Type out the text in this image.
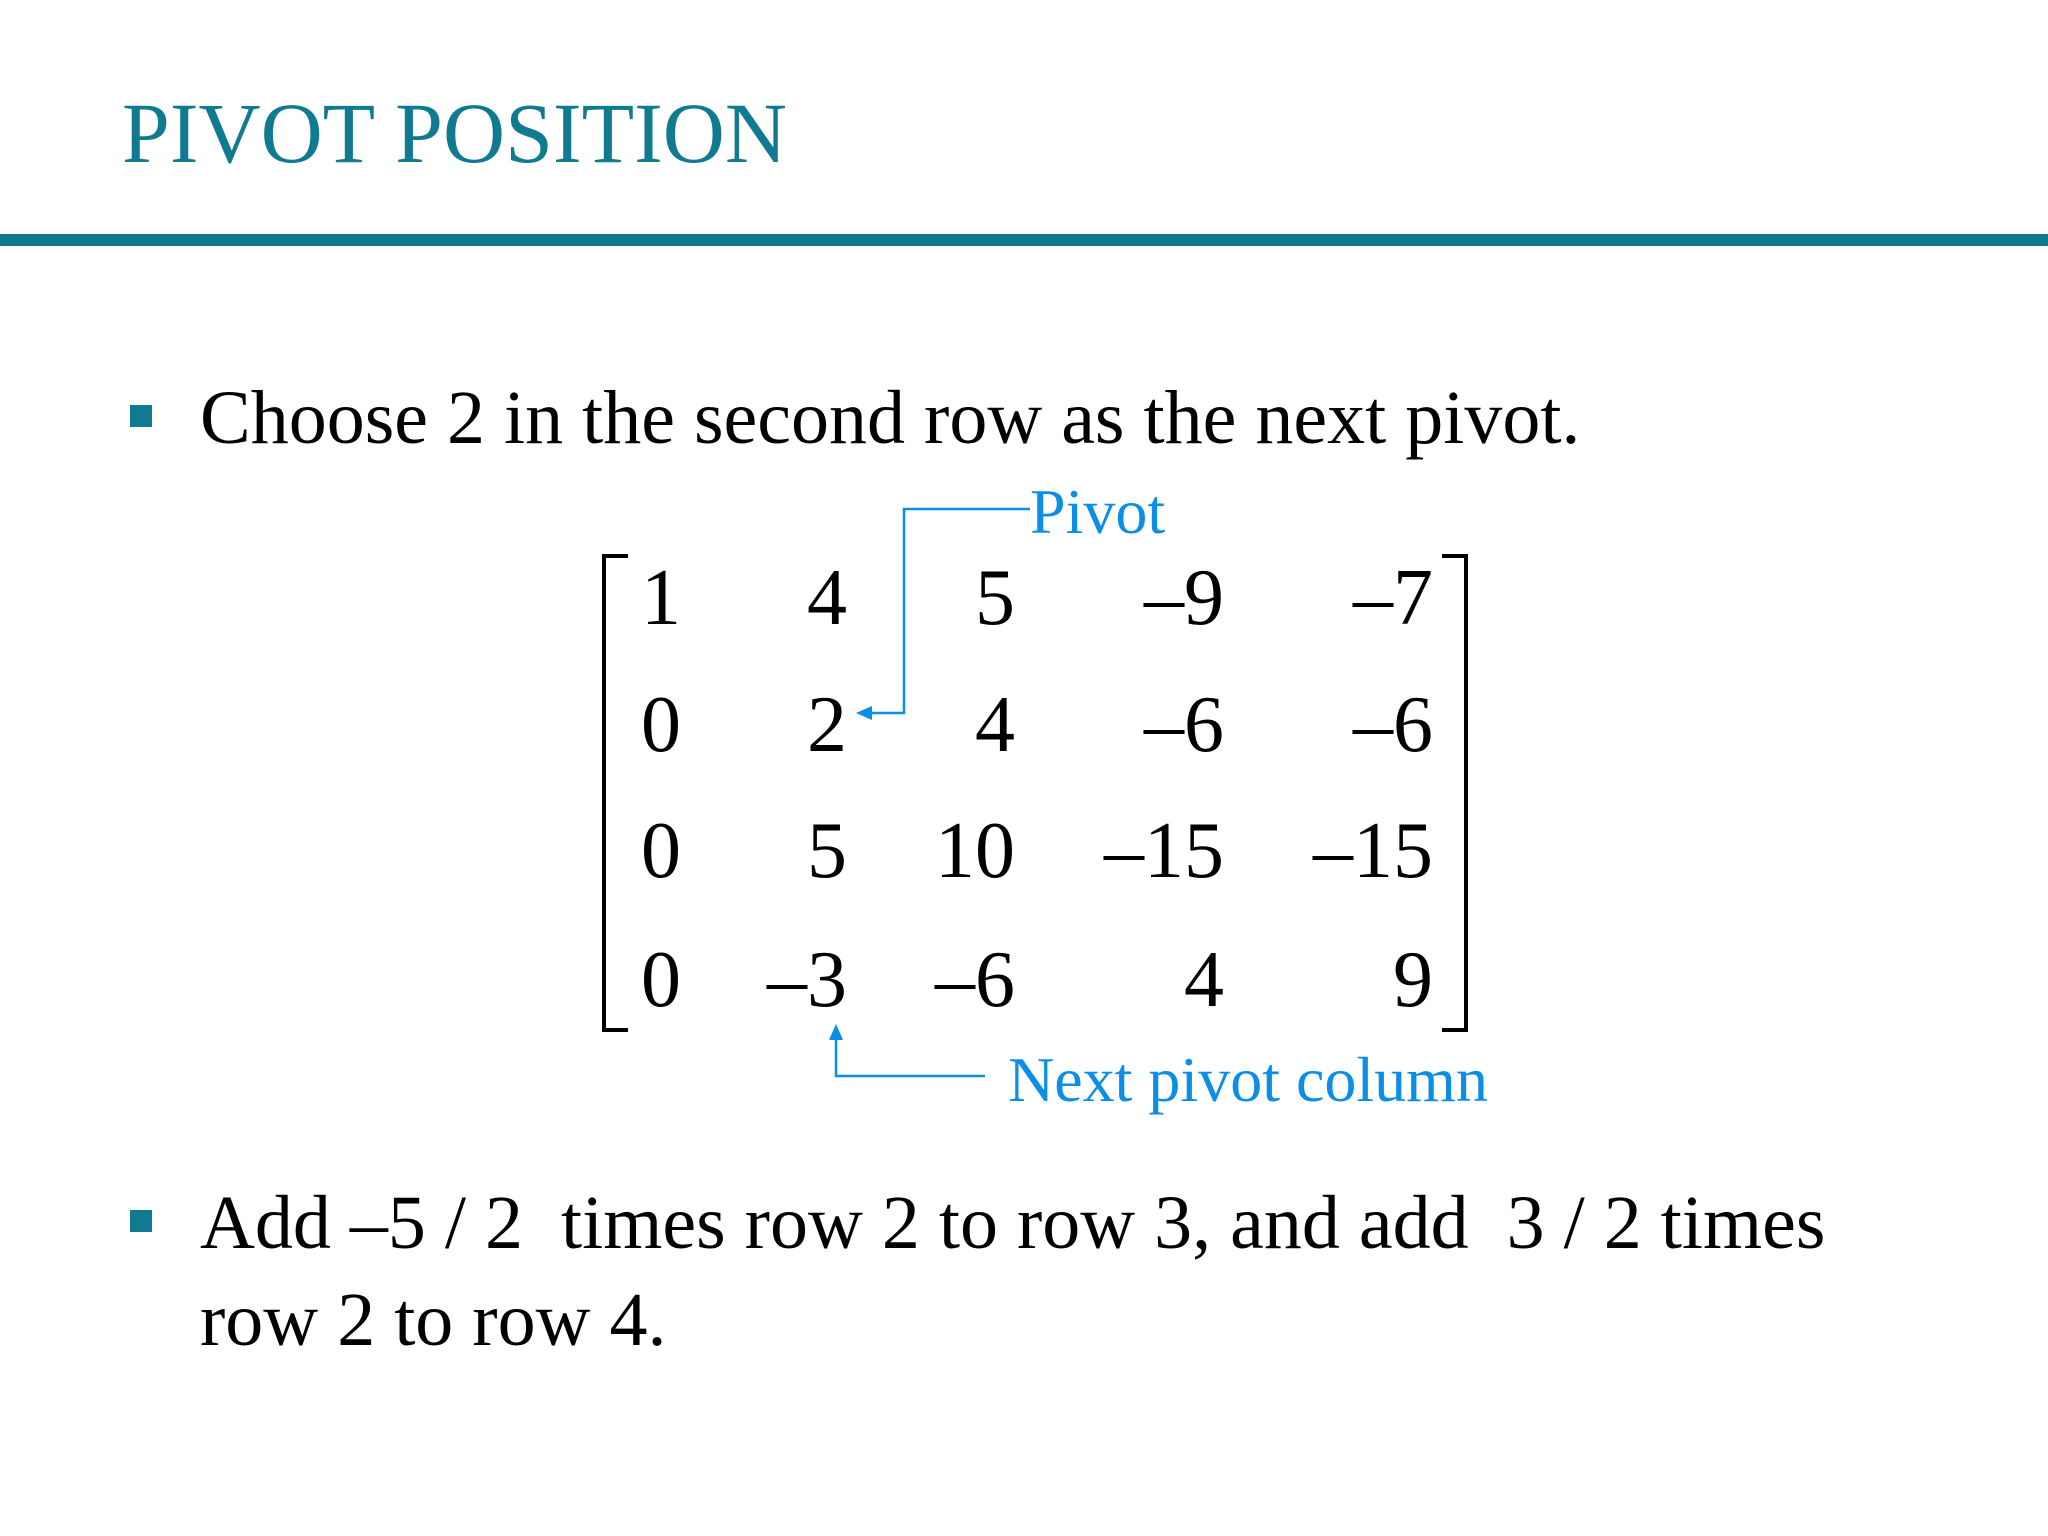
PIVOT POSITION
Choose 2 in the second row as the next pivot.
1	4	5	–9	–7
0	2	4	–6	–6
0	5	10	–15	–15
0	–3	–6	4	9
Pivot
Next pivot column
Add –5 / 2  times row 2 to row 3, and add  3 / 2 times
row 2 to row 4.
